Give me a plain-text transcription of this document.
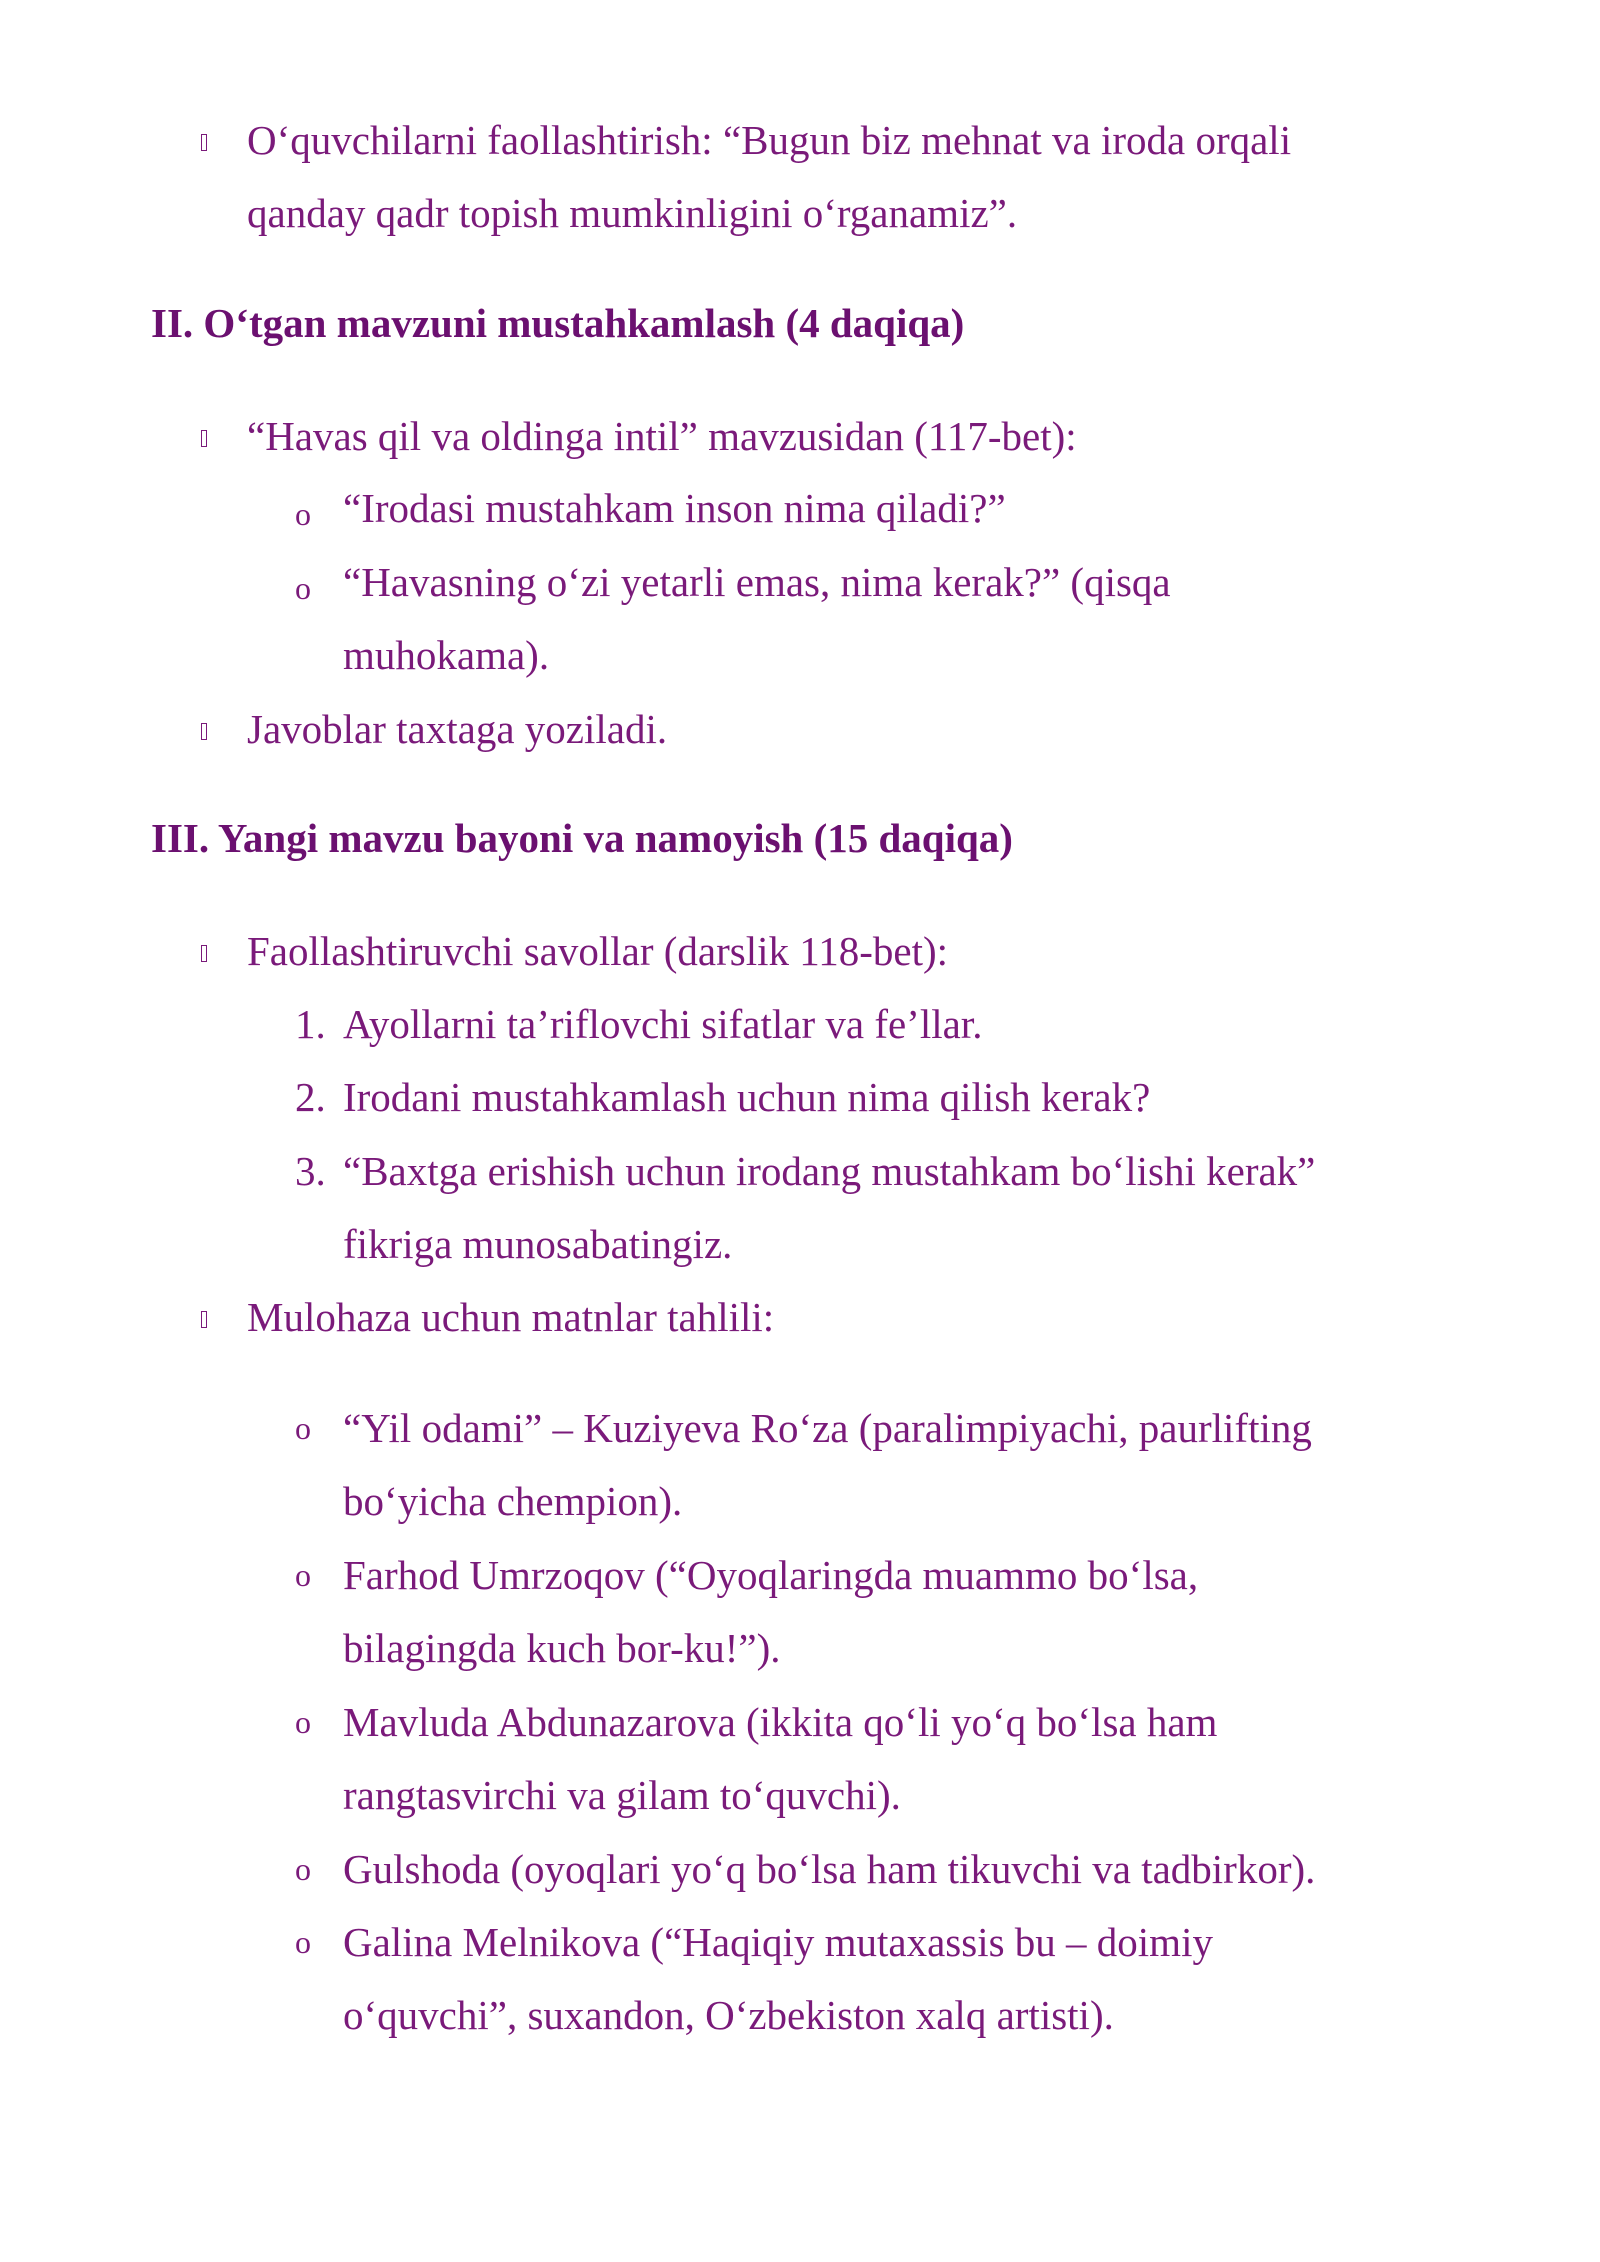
O‘quvchilarni faollashtirish: “Bugun biz mehnat va iroda orqali
qanday qadr topish mumkinligini o‘rganamiz”.
II. O‘tgan mavzuni mustahkamlash (4 daqiqa)
“Havas qil va oldinga intil” mavzusidan (117-bet):
o “Irodasi mustahkam inson nima qiladi?”
o “Havasning o‘zi yetarli emas, nima kerak?” (qisqa
muhokama).
Javoblar taxtaga yoziladi.
III. Yangi mavzu bayoni va namoyish (15 daqiqa)
Faollashtiruvchi savollar (darslik 118-bet):
1. Ayollarni ta’riflovchi sifatlar va fe’llar.
2. Irodani mustahkamlash uchun nima qilish kerak?
3. “Baxtga erishish uchun irodang mustahkam bo‘lishi kerak”
fikriga munosabatingiz.
Mulohaza uchun matnlar tahlili:
o “Yil odami” – Kuziyeva Ro‘za (paralimpiyachi, paurlifting
bo‘yicha chempion).
o Farhod Umrzoqov (“Oyoqlaringda muammo bo‘lsa,
bilagingda kuch bor-ku!”).
o Mavluda Abdunazarova (ikkita qo‘li yo‘q bo‘lsa ham
rangtasvirchi va gilam to‘quvchi).
o Gulshoda (oyoqlari yo‘q bo‘lsa ham tikuvchi va tadbirkor).
o Galina Melnikova (“Haqiqiy mutaxassis bu – doimiy
o‘quvchi”, suxandon, O‘zbekiston xalq artisti).
